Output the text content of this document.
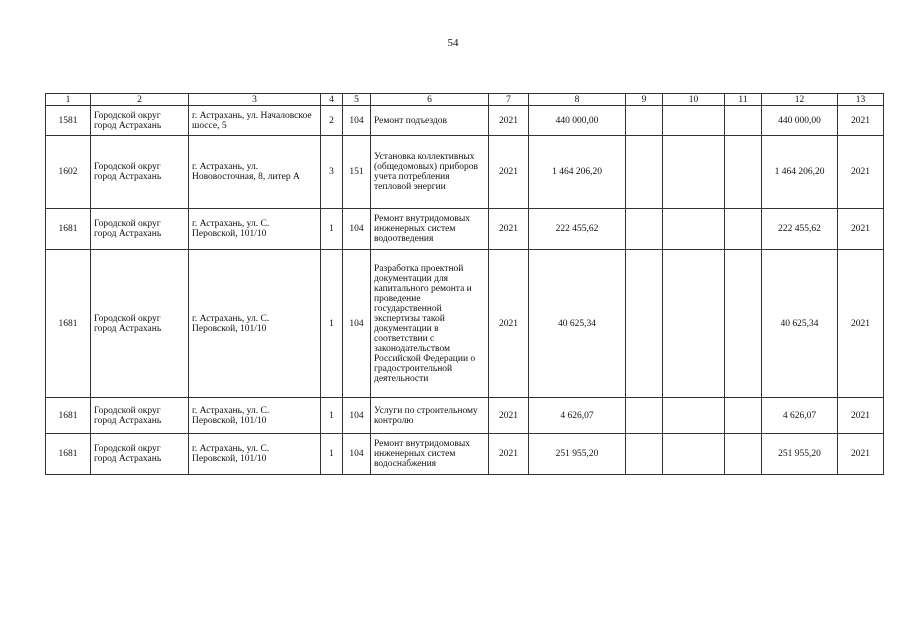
54
1	2	3	4	5	6	7	8	9	10	11	12	13
1581	Городской округ город Астрахань	г. Астрахань, ул. Началовское шоссе, 5	2	104	Ремонт подъездов	2021	440 000,00				440 000,00	2021
1602	Городской округ город Астрахань	г. Астрахань, ул. Нововосточная, 8, литер А	3	151	Установка коллективных (общедомовых) приборов учета потребления тепловой энергии	2021	1 464 206,20				1 464 206,20	2021
1681	Городской округ город Астрахань	г. Астрахань, ул. С. Перовской, 101/10	1	104	Ремонт внутридомовых инженерных систем водоотведения	2021	222 455,62				222 455,62	2021
1681	Городской округ город Астрахань	г. Астрахань, ул. С. Перовской, 101/10	1	104	Разработка проектной документации для капитального ремонта и проведение государственной экспертизы такой документации в соответствии с законодательством Российской Федерации о градостроительной деятельности	2021	40 625,34				40 625,34	2021
1681	Городской округ город Астрахань	г. Астрахань, ул. С. Перовской, 101/10	1	104	Услуги по строительному контролю	2021	4 626,07				4 626,07	2021
1681	Городской округ город Астрахань	г. Астрахань, ул. С. Перовской, 101/10	1	104	Ремонт внутридомовых инженерных систем водоснабжения	2021	251 955,20				251 955,20	2021
